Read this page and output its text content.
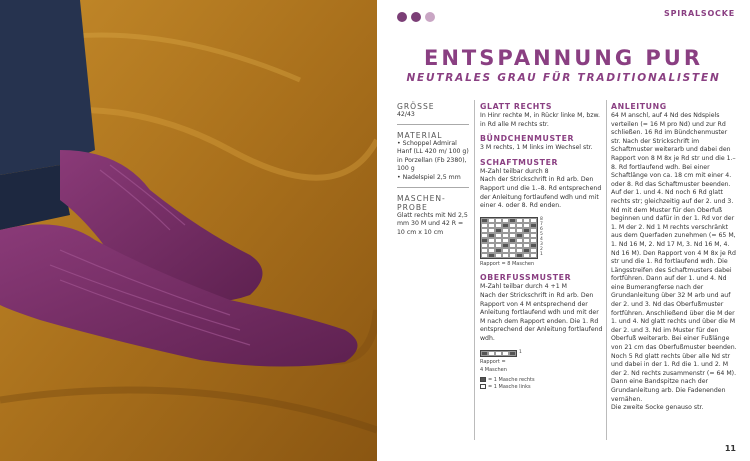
SPIRALSOCKE
ENTSPANNUNG PUR
NEUTRALES GRAU FÜR TRADITIONALISTEN
GRÖSSE
42/43
MATERIAL
• Schoppel Admiral Hanf (LL 420 m/ 100 g) in Porzellan (Fb 2380), 100 g
• Nadelspiel 2,5 mm
MASCHEN-
PROBE
Glatt rechts mit Nd 2,5 mm 30 M und 42 R = 10 cm x 10 cm
GLATT RECHTS
In Hinr rechte M, in Rückr linke M, bzw. in Rd alle M rechts str.
BÜNDCHENMUSTER
3 M rechts, 1 M links im Wechsel str.
SCHAFTMUSTER
M-Zahl teilbar durch 8
Nach der Strickschrift in Rd arb. Den Rapport und die 1.–8. Rd entsprechend der Anleitung fortlaufend wdh und mit einer 4. oder 8. Rd enden.
8
7
6
5
4
3
2
1
Rapport = 8 Maschen
OBERFUSSMUSTER
M-Zahl teilbar durch 4 +1 M
Nach der Strickschrift in Rd arb. Den Rapport von 4 M entsprechend der Anleitung fortlaufend wdh und mit der M nach dem Rapport enden. Die 1. Rd entsprechend der Anleitung fortlaufend wdh.
1
Rapport =
4 Maschen
= 1 Masche rechts
= 1 Masche links
ANLEITUNG
64 M anschl, auf 4 Nd des Ndspiels verteilen (= 16 M pro Nd) und zur Rd schließen. 16 Rd im Bündchenmuster str. Nach der Strickschrift im Schaftmuster weiterarb und dabei den Rapport von 8 M 8x je Rd str und die 1.–8. Rd fortlaufend wdh. Bei einer Schaftlänge von ca. 18 cm mit einer 4. oder 8. Rd das Schaftmuster beenden. Auf der 1. und 4. Nd noch 6 Rd glatt rechts str; gleichzeitig auf der 2. und 3. Nd mit dem Muster für den Oberfuß beginnen und dafür in der 1. Rd vor der 1. M der 2. Nd 1 M rechts verschränkt aus dem Querfaden zunehmen (= 65 M, 1. Nd 16 M, 2. Nd 17 M, 3. Nd 16 M, 4. Nd 16 M). Den Rapport von 4 M 8x je Rd str und die 1. Rd fortlaufend wdh. Die Längsstreifen des Schaftmusters dabei fortführen. Dann auf der 1. und 4. Nd eine Bumerangferse nach der Grundanleitung über 32 M arb und auf der 2. und 3. Nd das Oberfußmuster fortführen. Anschließend über die M der 1. und 4. Nd glatt rechts und über die M der 2. und 3. Nd im Muster für den Oberfuß weiterarb. Bei einer Fußlänge von 21 cm das Oberfußmuster beenden. Noch 5 Rd glatt rechts über alle Nd str und dabei in der 1. Rd die 1. und 2. M der 2. Nd rechts zusammenstr (= 64 M). Dann eine Bandspitze nach der Grundanleitung arb. Die Fadenenden vernähen.
Die zweite Socke genauso str.
11
